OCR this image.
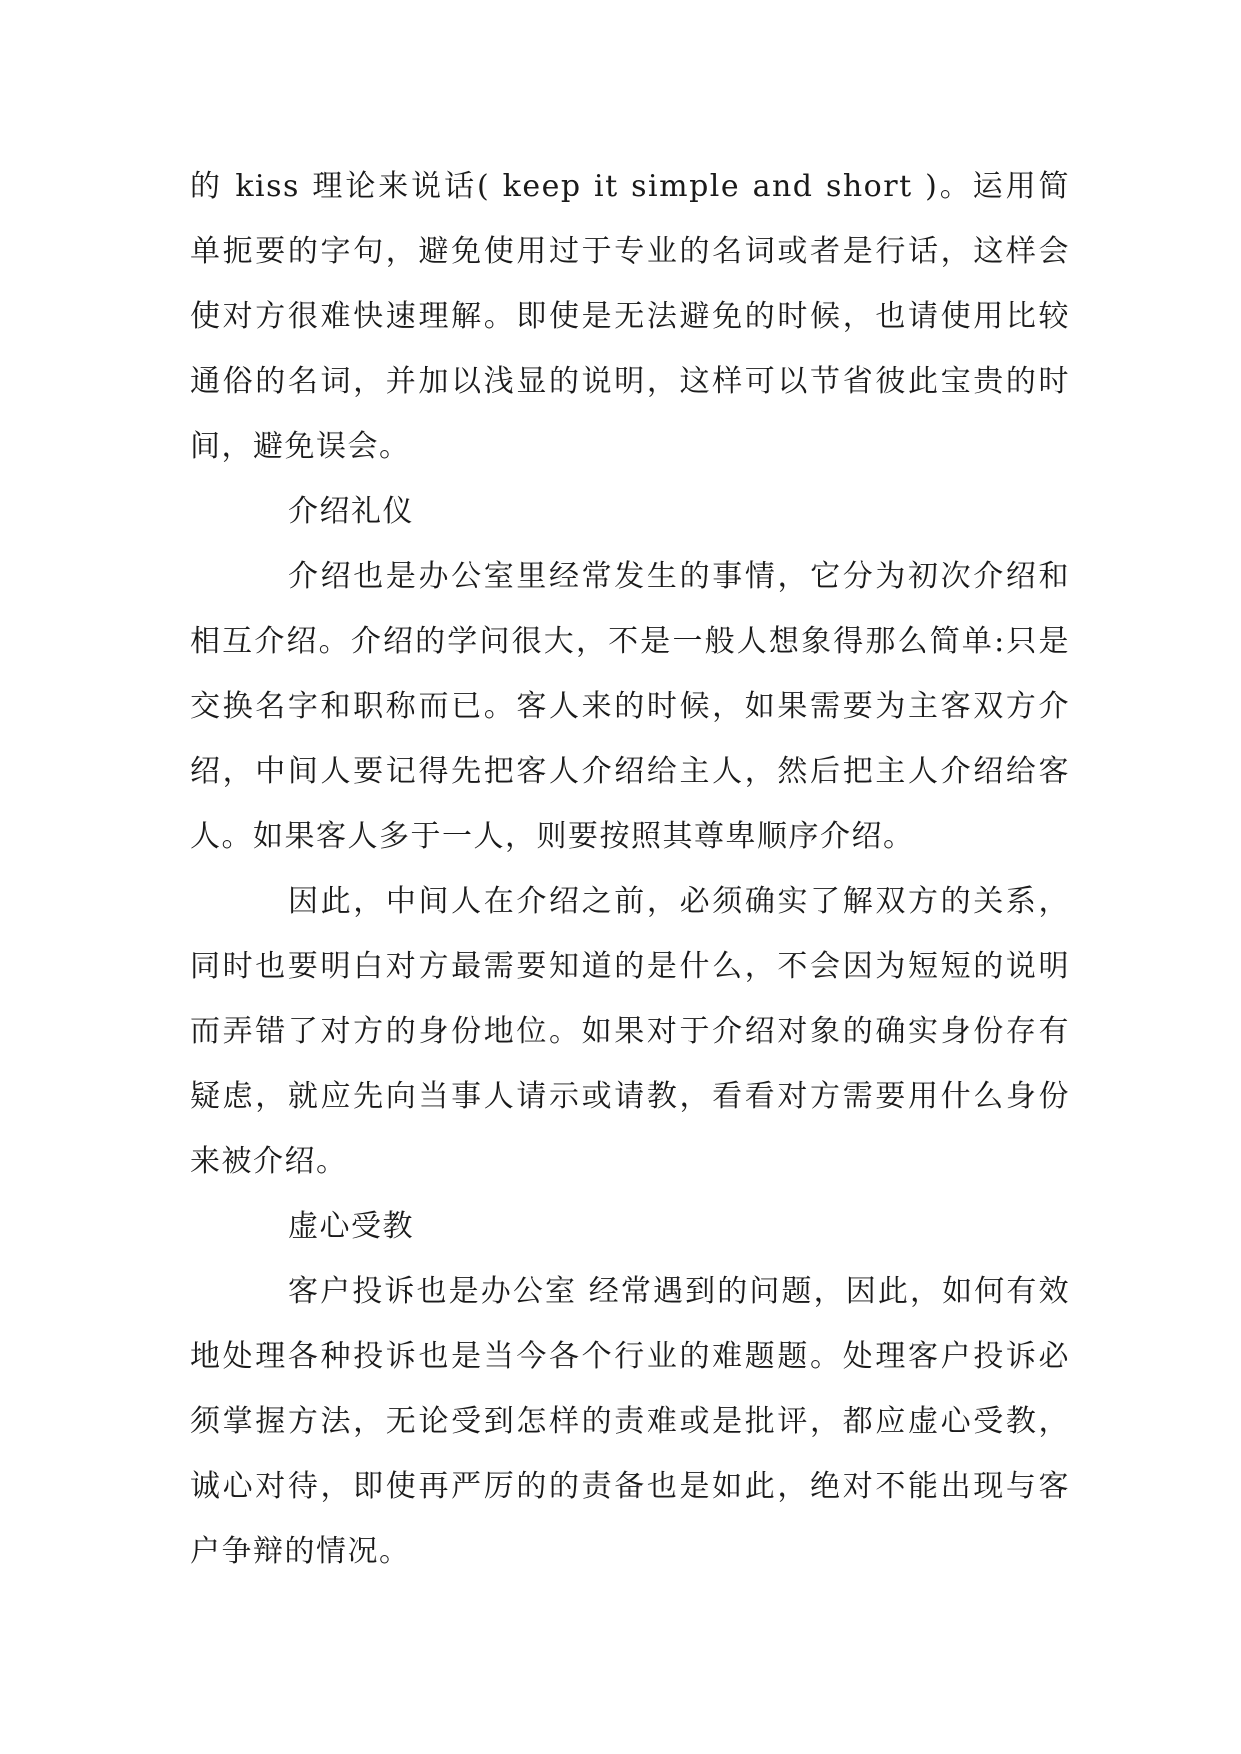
的 kiss 理论来说话( keep it simple and short )。运用简单扼要的字句，避免使用过于专业的名词或者是行话，这样会使对方很难快速理解。即使是无法避免的时候，也请使用比较通俗的名词，并加以浅显的说明，这样可以节省彼此宝贵的时间，避免误会。

介绍礼仪

介绍也是办公室里经常发生的事情，它分为初次介绍和相互介绍。介绍的学问很大，不是一般人想象得那么简单:只是交换名字和职称而已。客人来的时候，如果需要为主客双方介绍，中间人要记得先把客人介绍给主人，然后把主人介绍给客人。如果客人多于一人，则要按照其尊卑顺序介绍。

因此，中间人在介绍之前，必须确实了解双方的关系，同时也要明白对方最需要知道的是什么，不会因为短短的说明而弄错了对方的身份地位。如果对于介绍对象的确实身份存有疑虑，就应先向当事人请示或请教，看看对方需要用什么身份来被介绍。

虚心受教

客户投诉也是办公室 经常遇到的问题，因此，如何有效地处理各种投诉也是当今各个行业的难题题。处理客户投诉必须掌握方法，无论受到怎样的责难或是批评，都应虚心受教，诚心对待，即使再严厉的的责备也是如此，绝对不能出现与客户争辩的情况。
